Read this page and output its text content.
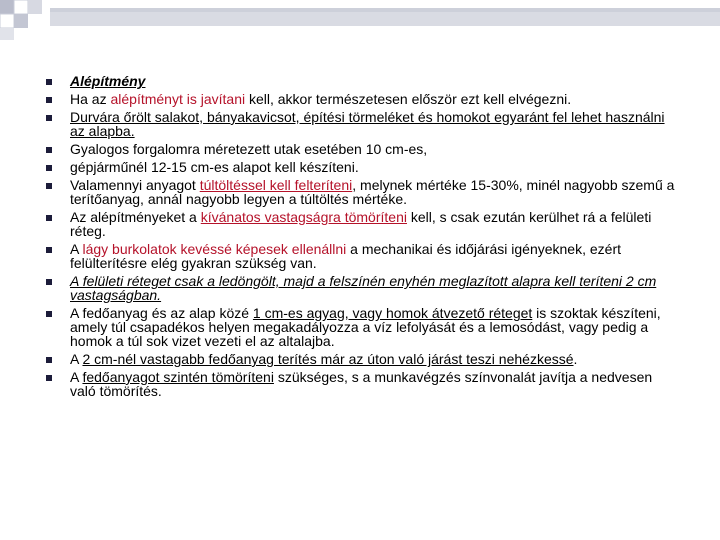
Alépítmény
Ha az alépítményt is javítani kell, akkor természetesen először ezt kell elvégezni.
Durvára őrölt salakot, bányakavicsot, építési törmeléket és homokot egyaránt fel lehet használni az alapba.
Gyalogos forgalomra méretezett utak esetében 10 cm-es,
gépjárműnél 12-15 cm-es alapot kell készíteni.
Valamennyi anyagot túltöltéssel kell felteríteni, melynek mértéke 15-30%, minél nagyobb szemű a terítőanyag, annál nagyobb legyen a túltöltés mértéke.
Az alépítményeket a kívánatos vastagságra tömöríteni kell, s csak ezután kerülhet rá a felületi réteg.
A lágy burkolatok kevéssé képesek ellenállni a mechanikai és időjárási igényeknek, ezért felülterítésre elég gyakran szükség van.
A felületi réteget csak a ledöngölt, majd a felszínén enyhén meglazított alapra kell teríteni 2 cm vastagságban.
A fedőanyag és az alap közé 1 cm-es agyag, vagy homok átvezető réteget is szoktak készíteni, amely túl csapadékos helyen megakadályozza a víz lefolyását és a lemosódást, vagy pedig a homok a túl sok vizet vezeti el az altalajba.
A 2 cm-nél vastagabb fedőanyag terítés már az úton való járást teszi nehézkessé.
A fedőanyagot szintén tömöríteni szükséges, s a munkavégzés színvonalát javítja a nedvesen való tömörítés.
